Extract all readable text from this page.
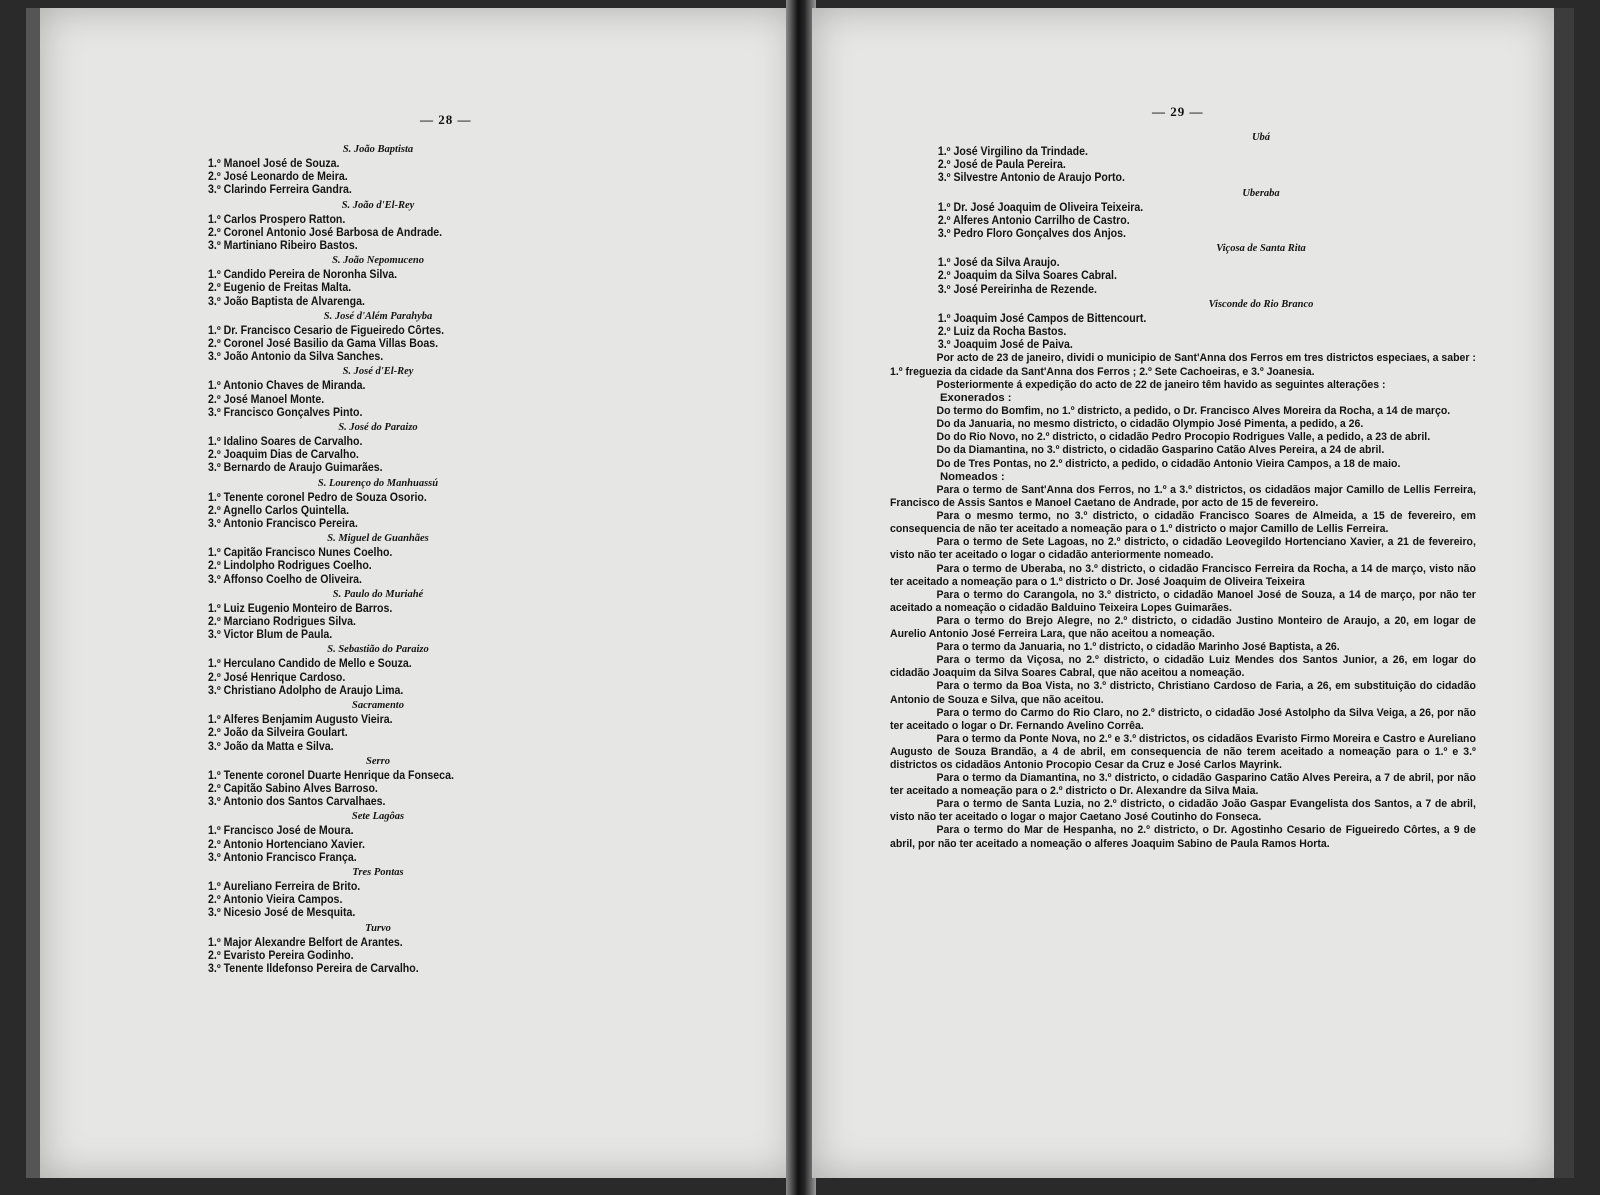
— 28 —
S. João Baptista
1.º Manoel José de Souza.
2.º José Leonardo de Meira.
3.º Clarindo Ferreira Gandra.
S. João d'El-Rey
1.º Carlos Prospero Ratton.
2.º Coronel Antonio José Barbosa de Andrade.
3.º Martiniano Ribeiro Bastos.
S. João Nepomuceno
1.º Candido Pereira de Noronha Silva.
2.º Eugenio de Freitas Malta.
3.º João Baptista de Alvarenga.
S. José d'Além Parahyba
1.º Dr. Francisco Cesario de Figueiredo Côrtes.
2.º Coronel José Basilio da Gama Villas Boas.
3.º João Antonio da Silva Sanches.
S. José d'El-Rey
1.º Antonio Chaves de Miranda.
2.º José Manoel Monte.
3.º Francisco Gonçalves Pinto.
S. José do Paraizo
1.º Idalino Soares de Carvalho.
2.º Joaquim Dias de Carvalho.
3.º Bernardo de Araujo Guimarães.
S. Lourenço do Manhuassú
1.º Tenente coronel Pedro de Souza Osorio.
2.º Agnello Carlos Quintella.
3.º Antonio Francisco Pereira.
S. Miguel de Guanhães
1.º Capitão Francisco Nunes Coelho.
2.º Lindolpho Rodrigues Coelho.
3.º Affonso Coelho de Oliveira.
S. Paulo do Muriahé
1.º Luiz Eugenio Monteiro de Barros.
2.º Marciano Rodrigues Silva.
3.º Victor Blum de Paula.
S. Sebastião do Paraizo
1.º Herculano Candido de Mello e Souza.
2.º José Henrique Cardoso.
3.º Christiano Adolpho de Araujo Lima.
Sacramento
1.º Alferes Benjamim Augusto Vieira.
2.º João da Silveira Goulart.
3.º João da Matta e Silva.
Serro
1.º Tenente coronel Duarte Henrique da Fonseca.
2.º Capitão Sabino Alves Barroso.
3.º Antonio dos Santos Carvalhaes.
Sete Lagôas
1.º Francisco José de Moura.
2.º Antonio Hortenciano Xavier.
3.º Antonio Francisco França.
Tres Pontas
1.º Aureliano Ferreira de Brito.
2.º Antonio Vieira Campos.
3.º Nicesio José de Mesquita.
Turvo
1.º Major Alexandre Belfort de Arantes.
2.º Evaristo Pereira Godinho.
3.º Tenente Ildefonso Pereira de Carvalho.
— 29 —
Ubá
1.º José Virgilino da Trindade.
2.º José de Paula Pereira.
3.º Silvestre Antonio de Araujo Porto.
Uberaba
1.º Dr. José Joaquim de Oliveira Teixeira.
2.º Alferes Antonio Carrilho de Castro.
3.º Pedro Floro Gonçalves dos Anjos.
Viçosa de Santa Rita
1.º José da Silva Araujo.
2.º Joaquim da Silva Soares Cabral.
3.º José Pereirinha de Rezende.
Visconde do Rio Branco
1.º Joaquim José Campos de Bittencourt.
2.º Luiz da Rocha Bastos.
3.º Joaquim José de Paiva.

Por acto de 23 de janeiro, dividi o municipio de Sant'Anna dos Ferros em tres districtos especiaes, a saber : 1.º freguezia da cidade da Sant'Anna dos Ferros ; 2.º Sete Cachoeiras, e 3.º Joanesia.

Posteriormente á expedição do acto de 22 de janeiro têm havido as seguintes alterações :

Exonerados :

Do termo do Bomfim, no 1.º districto, a pedido, o Dr. Francisco Alves Moreira da Rocha, a 14 de março.

Do da Januaria, no mesmo districto, o cidadão Olympio José Pimenta, a pedido, a 26.

Do do Rio Novo, no 2.º districto, o cidadão Pedro Procopio Rodrigues Valle, a pedido, a 23 de abril.

Do da Diamantina, no 3.º districto, o cidadão Gasparino Catão Alves Pereira, a 24 de abril.

Do de Tres Pontas, no 2.º districto, a pedido, o cidadão Antonio Vieira Campos, a 18 de maio.

Nomeados :

Para o termo de Sant'Anna dos Ferros, no 1.º a 3.º districtos, os cidadãos major Camillo de Lellis Ferreira, Francisco de Assis Santos e Manoel Caetano de Andrade, por acto de 15 de fevereiro.

Para o mesmo termo, no 3.º districto, o cidadão Francisco Soares de Almeida, a 15 de fevereiro, em consequencia de não ter aceitado a nomeação para o 1.º districto o major Camillo de Lellis Ferreira.

Para o termo de Sete Lagoas, no 2.º districto, o cidadão Leovegildo Hortenciano Xavier, a 21 de fevereiro, visto não ter aceitado o logar o cidadão anteriormente nomeado.

Para o termo de Uberaba, no 3.º districto, o cidadão Francisco Ferreira da Rocha, a 14 de março, visto não ter aceitado a nomeação para o 1.º districto o Dr. José Joaquim de Oliveira Teixeira

Para o termo do Carangola, no 3.º districto, o cidadão Manoel José de Souza, a 14 de março, por não ter aceitado a nomeação o cidadão Balduino Teixeira Lopes Guimarães.

Para o termo do Brejo Alegre, no 2.º districto, o cidadão Justino Monteiro de Araujo, a 20, em logar de Aurelio Antonio José Ferreira Lara, que não aceitou a nomeação.

Para o termo da Januaria, no 1.º districto, o cidadão Marinho José Baptista, a 26.

Para o termo da Viçosa, no 2.º districto, o cidadão Luiz Mendes dos Santos Junior, a 26, em logar do cidadão Joaquim da Silva Soares Cabral, que não aceitou a nomeação.

Para o termo da Boa Vista, no 3.º districto, Christiano Cardoso de Faria, a 26, em substituição do cidadão Antonio de Souza e Silva, que não aceitou.

Para o termo do Carmo do Rio Claro, no 2.º districto, o cidadão José Astolpho da Silva Veiga, a 26, por não ter aceitado o logar o Dr. Fernando Avelino Corrêa.

Para o termo da Ponte Nova, no 2.º e 3.º districtos, os cidadãos Evaristo Firmo Moreira e Castro e Aureliano Augusto de Souza Brandão, a 4 de abril, em consequencia de não terem aceitado a nomeação para o 1.º e 3.º districtos os cidadãos Antonio Procopio Cesar da Cruz e José Carlos Mayrink.

Para o termo da Diamantina, no 3.º districto, o cidadão Gasparino Catão Alves Pereira, a 7 de abril, por não ter aceitado a nomeação para o 2.º districto o Dr. Alexandre da Silva Maia.

Para o termo de Santa Luzia, no 2.º districto, o cidadão João Gaspar Evangelista dos Santos, a 7 de abril, visto não ter aceitado o logar o major Caetano José Coutinho do Fonseca.

Para o termo do Mar de Hespanha, no 2.º districto, o Dr. Agostinho Cesario de Figueiredo Côrtes, a 9 de abril, por não ter aceitado a nomeação o alferes Joaquim Sabino de Paula Ramos Horta.
